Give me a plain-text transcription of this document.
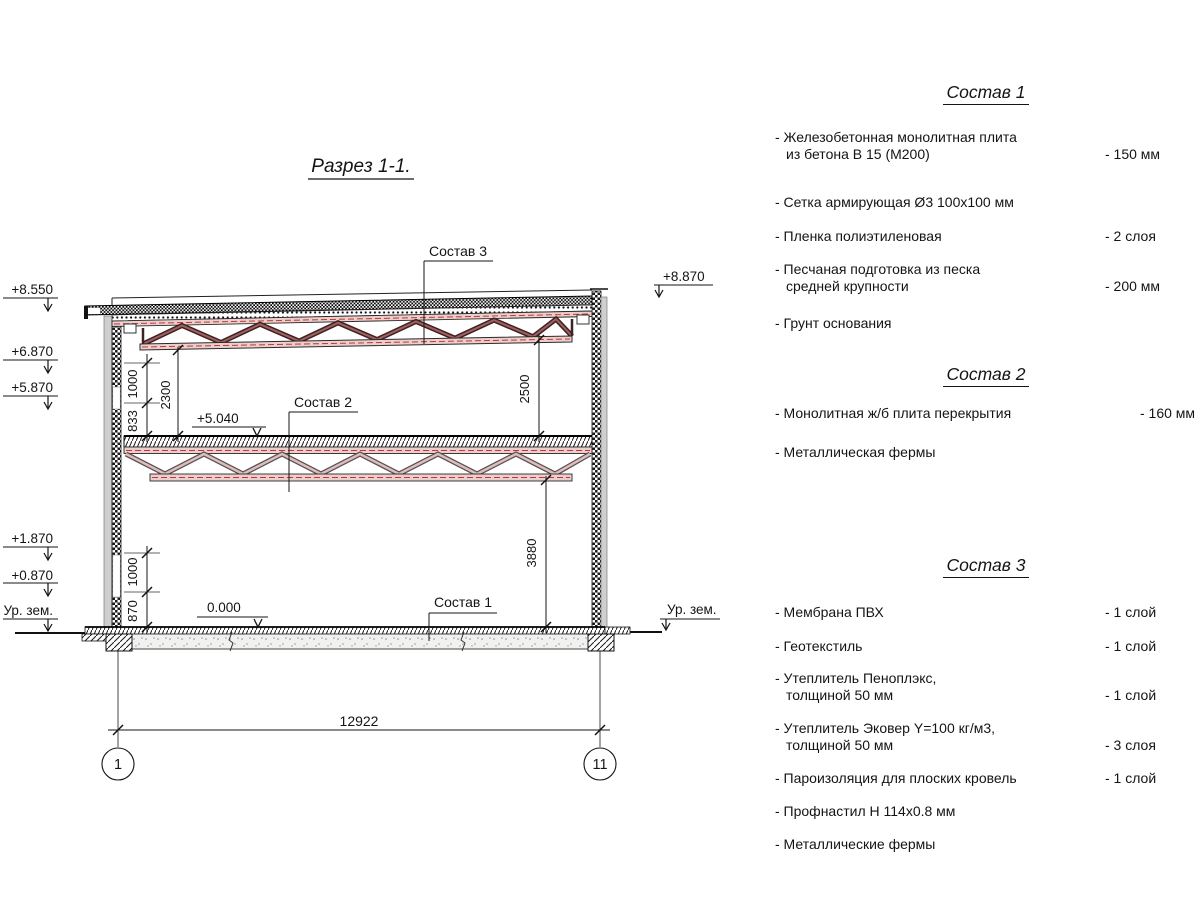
Разрез 1-1.
Состав 3
Состав 2
Состав 1
+5.040
0.000
+8.550
+6.870
+5.870
+1.870
+0.870
Ур. зем.
+8.870
Ур. зем.
1000
833
2300
1000
870
2500
3880
12922
1	11
Состав 1
- Железобетонная монолитная плита
из бетона В 15 (М200)	- 150 мм
- Сетка армирующая Ø3 100х100 мм
- Пленка полиэтиленовая	- 2 слоя
- Песчаная подготовка из песка
средней крупности	- 200 мм
- Грунт основания
Состав 2
- Монолитная ж/б плита перекрытия	- 160 мм
- Металлическая фермы
Состав 3
- Мембрана ПВХ	- 1 слой
- Геотекстиль	- 1 слой
- Утеплитель Пеноплэкс,
толщиной 50 мм	- 1 слой
- Утеплитель Эковер Y=100 кг/м3,
толщиной 50 мм	- 3 слоя
- Пароизоляция для плоских кровель	- 1 слой
- Профнастил Н 114х0.8 мм
- Металлические фермы
